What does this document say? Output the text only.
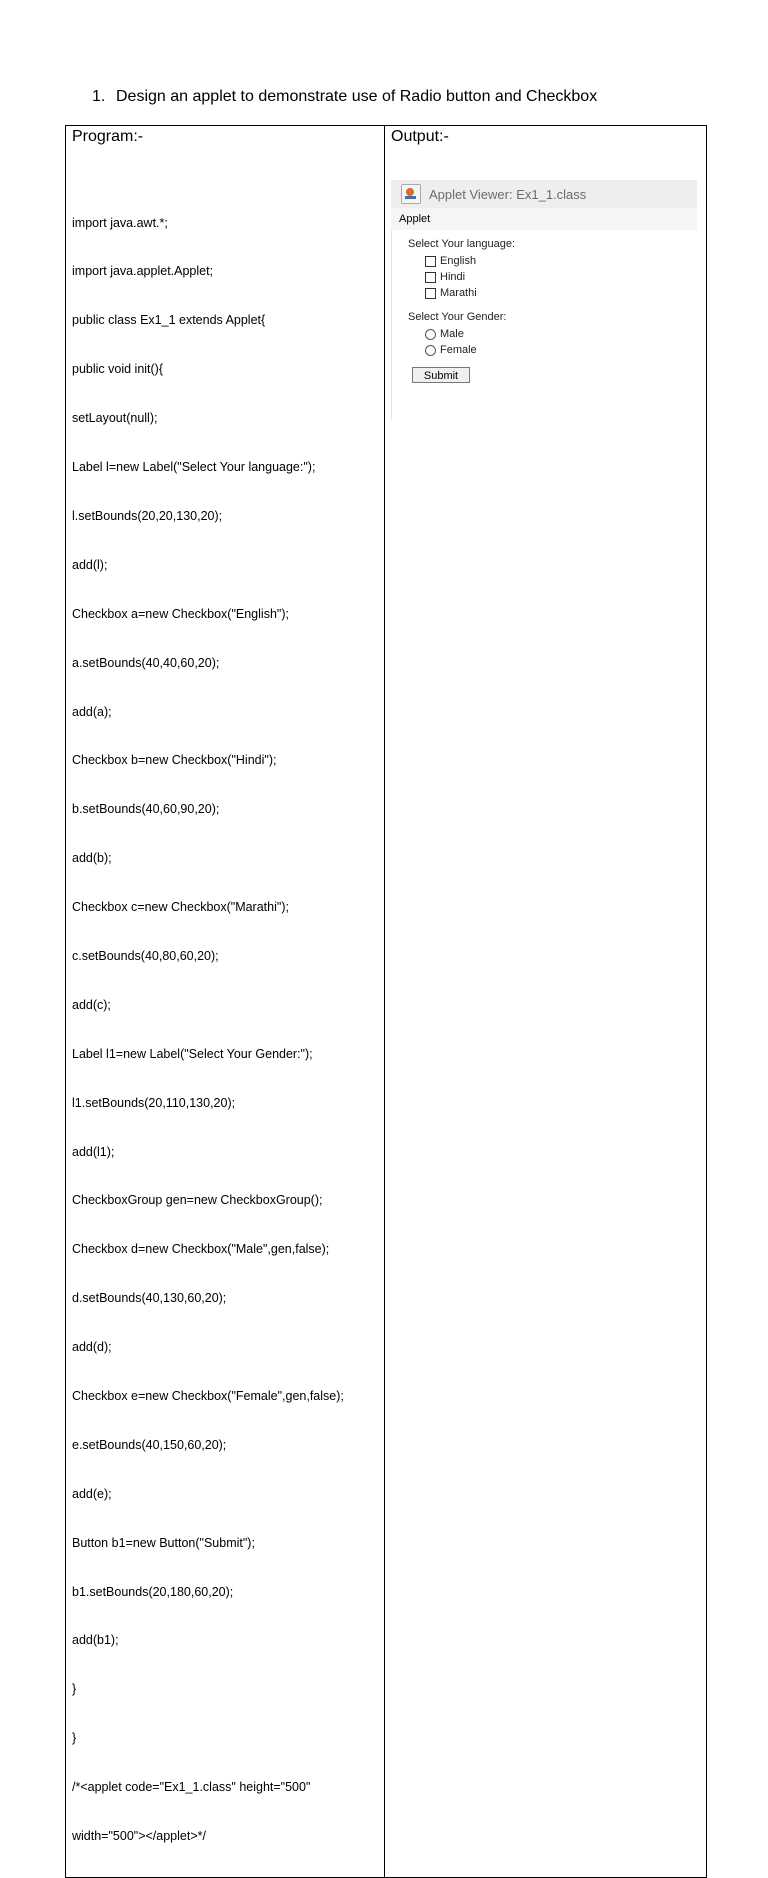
1. Design an applet to demonstrate use of Radio button and Checkbox
Program:-

import java.awt.*;

import java.applet.Applet;

public class Ex1_1 extends Applet{

public void init(){

setLayout(null);

Label l=new Label("Select Your language:");

l.setBounds(20,20,130,20);

add(l);

Checkbox a=new Checkbox("English");

a.setBounds(40,40,60,20);

add(a);

Checkbox b=new Checkbox("Hindi");

b.setBounds(40,60,90,20);

add(b);

Checkbox c=new Checkbox("Marathi");

c.setBounds(40,80,60,20);

add(c);

Label l1=new Label("Select Your Gender:");

l1.setBounds(20,110,130,20);

add(l1);

CheckboxGroup gen=new CheckboxGroup();

Checkbox d=new Checkbox("Male",gen,false);

d.setBounds(40,130,60,20);

add(d);

Checkbox e=new Checkbox("Female",gen,false);

e.setBounds(40,150,60,20);

add(e);

Button b1=new Button("Submit");

b1.setBounds(20,180,60,20);

add(b1);

}

}

/*<applet code="Ex1_1.class" height="500"

width="500"></applet>*/

Output:-
Applet Viewer: Ex1_1.class
Applet
Select Your language:
English
Hindi
Marathi
Select Your Gender:
Male
Female
Submit
